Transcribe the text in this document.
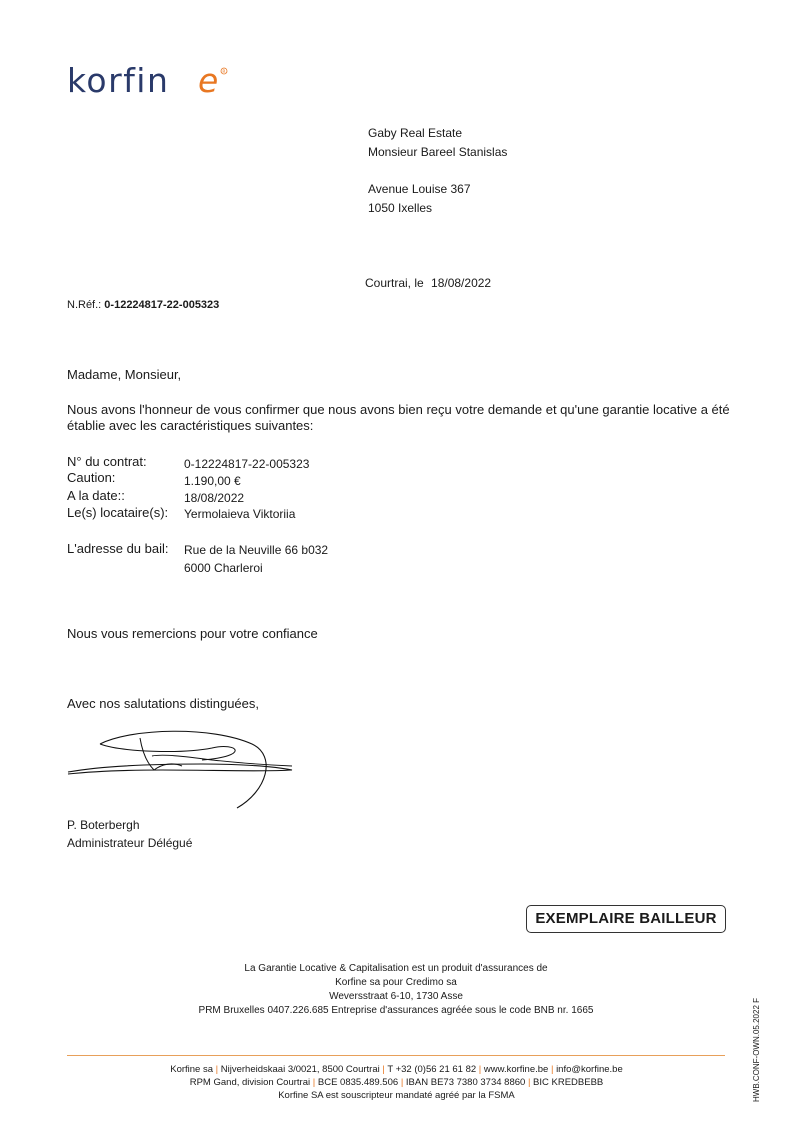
korfin e R
Gaby Real Estate
Monsieur Bareel Stanislas
Avenue Louise 367
1050 Ixelles
Courtrai, le 18/08/2022
N.Réf.: 0-12224817-22-005323
Madame, Monsieur,
Nous avons l'honneur de vous confirmer que nous avons bien reçu votre demande et qu'une garantie locative a été établie avec les caractéristiques suivantes:
N° du contrat:	0-12224817-22-005323
Caution:	1.190,00 €
A la date::	18/08/2022
Le(s) locataire(s): Yermolaieva Viktoriia
L'adresse du bail: Rue de la Neuville 66 b032
6000 Charleroi
Nous vous remercions pour votre confiance
Avec nos salutations distinguées,
P. Boterbergh
Administrateur Délégué
EXEMPLAIRE BAILLEUR
La Garantie Locative & Capitalisation est un produit d'assurances de
Korfine sa pour Credimo sa
Weversstraat 6-10, 1730 Asse
PRM Bruxelles 0407.226.685 Entreprise d'assurances agréée sous le code BNB nr. 1665
Korfine sa | Nijverheidskaai 3/0021, 8500 Courtrai | T +32 (0)56 21 61 82 | www.korfine.be | info@korfine.be
RPM Gand, division Courtrai | BCE 0835.489.506 | IBAN BE73 7380 3734 8860 | BIC KREDBEBB
Korfine SA est souscripteur mandaté agréé par la FSMA	HWB.CONF-OWN.05.2022 F
